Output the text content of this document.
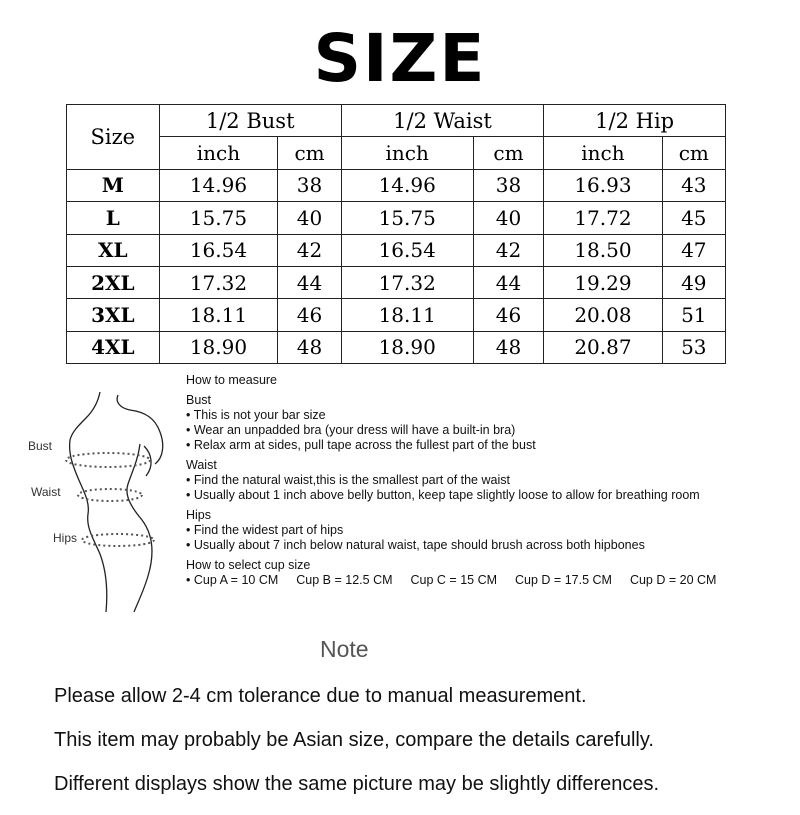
SIZE
Size	1/2 Bust		1/2 Waist		1/2 Hip	
	inch	cm	inch	cm	inch	cm
M	14.96	38	14.96	38	16.93	43
L	15.75	40	15.75	40	17.72	45
XL	16.54	42	16.54	42	18.50	47
2XL	17.32	44	17.32	44	19.29	49
3XL	18.11	46	18.11	46	20.08	51
4XL	18.90	48	18.90	48	20.87	53
Bust
Waist
Hips
How to measure
Bust
• This is not your bar size
• Wear an unpadded bra (your dress will have a built-in bra)
• Relax arm at sides, pull tape across the fullest part of the bust
Waist
• Find the natural waist,this is the smallest part of the waist
• Usually about 1 inch above belly button, keep tape slightly loose to allow for breathing room
Hips
• Find the widest part of hips
• Usually about 7 inch below natural waist, tape should brush across both hipbones
How to select cup size
• Cup A = 10 CM Cup B = 12.5 CM Cup C = 15 CM Cup D = 17.5 CM Cup D = 20 CM
Note
Please allow 2-4 cm tolerance due to manual measurement.
This item may probably be Asian size, compare the details carefully.
Different displays show the same picture may be slightly differences.
